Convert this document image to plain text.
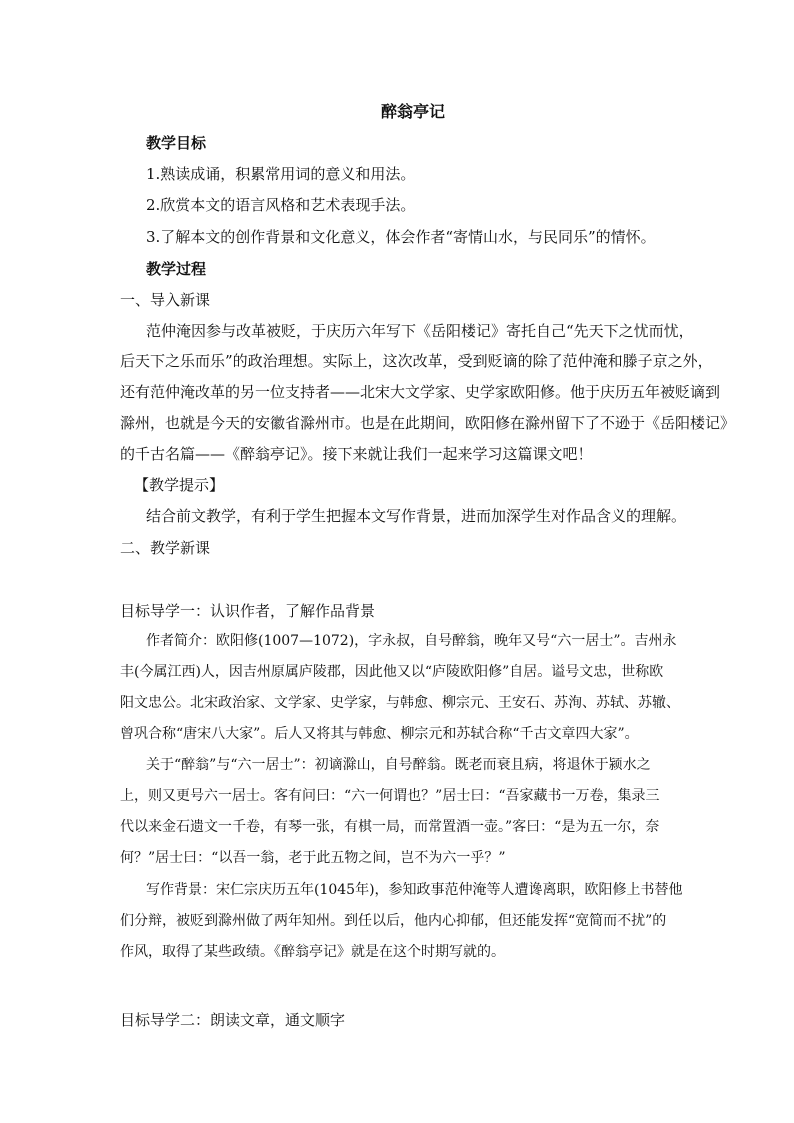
醉翁亭记
教学目标
1.熟读成诵，积累常用词的意义和用法。
2.欣赏本文的语言风格和艺术表现手法。
3.了解本文的创作背景和文化意义，体会作者“寄情山水，与民同乐”的情怀。
教学过程
一、导入新课
范仲淹因参与改革被贬，于庆历六年写下《岳阳楼记》寄托自己“先天下之忧而忧，
后天下之乐而乐”的政治理想。实际上，这次改革，受到贬谪的除了范仲淹和滕子京之外，
还有范仲淹改革的另一位支持者——北宋大文学家、史学家欧阳修。他于庆历五年被贬谪到
滁州，也就是今天的安徽省滁州市。也是在此期间，欧阳修在滁州留下了不逊于《岳阳楼记》
的千古名篇——《醉翁亭记》。接下来就让我们一起来学习这篇课文吧！
【教学提示】
结合前文教学，有利于学生把握本文写作背景，进而加深学生对作品含义的理解。
二、教学新课
目标导学一：认识作者，了解作品背景
作者简介：欧阳修(1007—1072)，字永叔，自号醉翁，晚年又号“六一居士”。吉州永
丰(今属江西)人，因吉州原属庐陵郡，因此他又以“庐陵欧阳修”自居。谥号文忠，世称欧
阳文忠公。北宋政治家、文学家、史学家，与韩愈、柳宗元、王安石、苏洵、苏轼、苏辙、
曾巩合称“唐宋八大家”。后人又将其与韩愈、柳宗元和苏轼合称“千古文章四大家”。
关于“醉翁”与“六一居士”：初谪滁山，自号醉翁。既老而衰且病，将退休于颍水之
上，则又更号六一居士。客有问曰：“六一何谓也？”居士曰：“吾家藏书一万卷，集录三
代以来金石遗文一千卷，有琴一张，有棋一局，而常置酒一壶。”客曰：“是为五一尔，奈
何？”居士曰：“以吾一翁，老于此五物之间，岂不为六一乎？”
写作背景：宋仁宗庆历五年(1045年)，参知政事范仲淹等人遭谗离职，欧阳修上书替他
们分辩，被贬到滁州做了两年知州。到任以后，他内心抑郁，但还能发挥“宽简而不扰”的
作风，取得了某些政绩。《醉翁亭记》就是在这个时期写就的。
目标导学二：朗读文章，通文顺字
